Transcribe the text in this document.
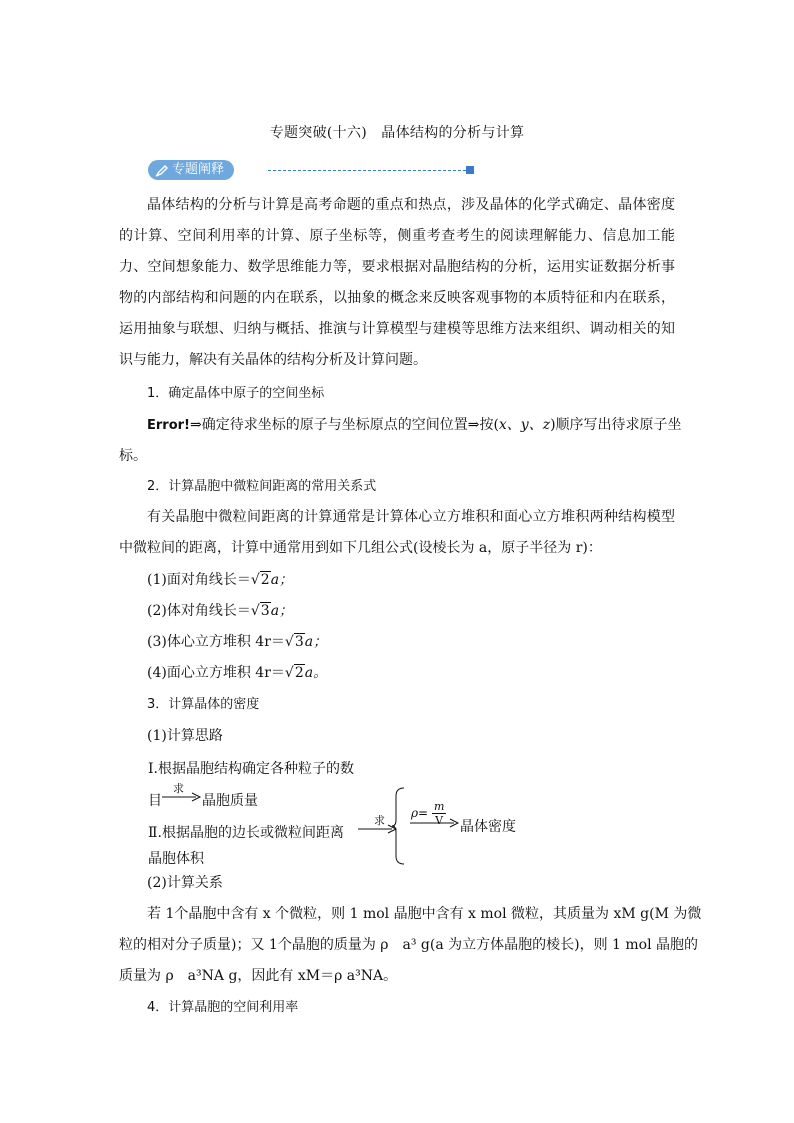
专题突破(十六)　晶体结构的分析与计算
专题阐释
晶体结构的分析与计算是高考命题的重点和热点，涉及晶体的化学式确定、晶体密度的计算、空间利用率的计算、原子坐标等，侧重考查考生的阅读理解能力、信息加工能力、空间想象能力、数学思维能力等，要求根据对晶胞结构的分析，运用实证数据分析事物的内部结构和问题的内在联系，以抽象的概念来反映客观事物的本质特征和内在联系，运用抽象与联想、归纳与概括、推演与计算模型与建模等思维方法来组织、调动相关的知识与能力，解决有关晶体的结构分析及计算问题。
1．确定晶体中原子的空间坐标
Error!⇒确定待求坐标的原子与坐标原点的空间位置⇒按(x、y、z)顺序写出待求原子坐
标。
2．计算晶胞中微粒间距离的常用关系式
有关晶胞中微粒间距离的计算通常是计算体心立方堆积和面心立方堆积两种结构模型中微粒间的距离，计算中通常用到如下几组公式(设棱长为 a，原子半径为 r)：
(1)面对角线长＝√2a；
(2)体对角线长＝√3a；
(3)体心立方堆积 4r＝√3a；
(4)面心立方堆积 4r＝√2a。
3．计算晶体的密度
(1)计算思路
Ⅰ.根据晶胞结构确定各种粒子的数
目
求
晶胞质量
Ⅱ.根据晶胞的边长或微粒间距离
求
晶胞体积
$\rho= \frac{m}{V}$ 晶体密度
(2)计算关系
若 1个晶胞中含有 x 个微粒，则 1 mol 晶胞中含有 x mol 微粒，其质量为 xM g(M 为微
粒的相对分子质量)；又 1个晶胞的质量为 ρ　a³ g(a 为立方体晶胞的棱长)，则 1 mol 晶胞的
质量为 ρ　a³NA g，因此有 xM＝ρ a³NA。
4．计算晶胞的空间利用率
